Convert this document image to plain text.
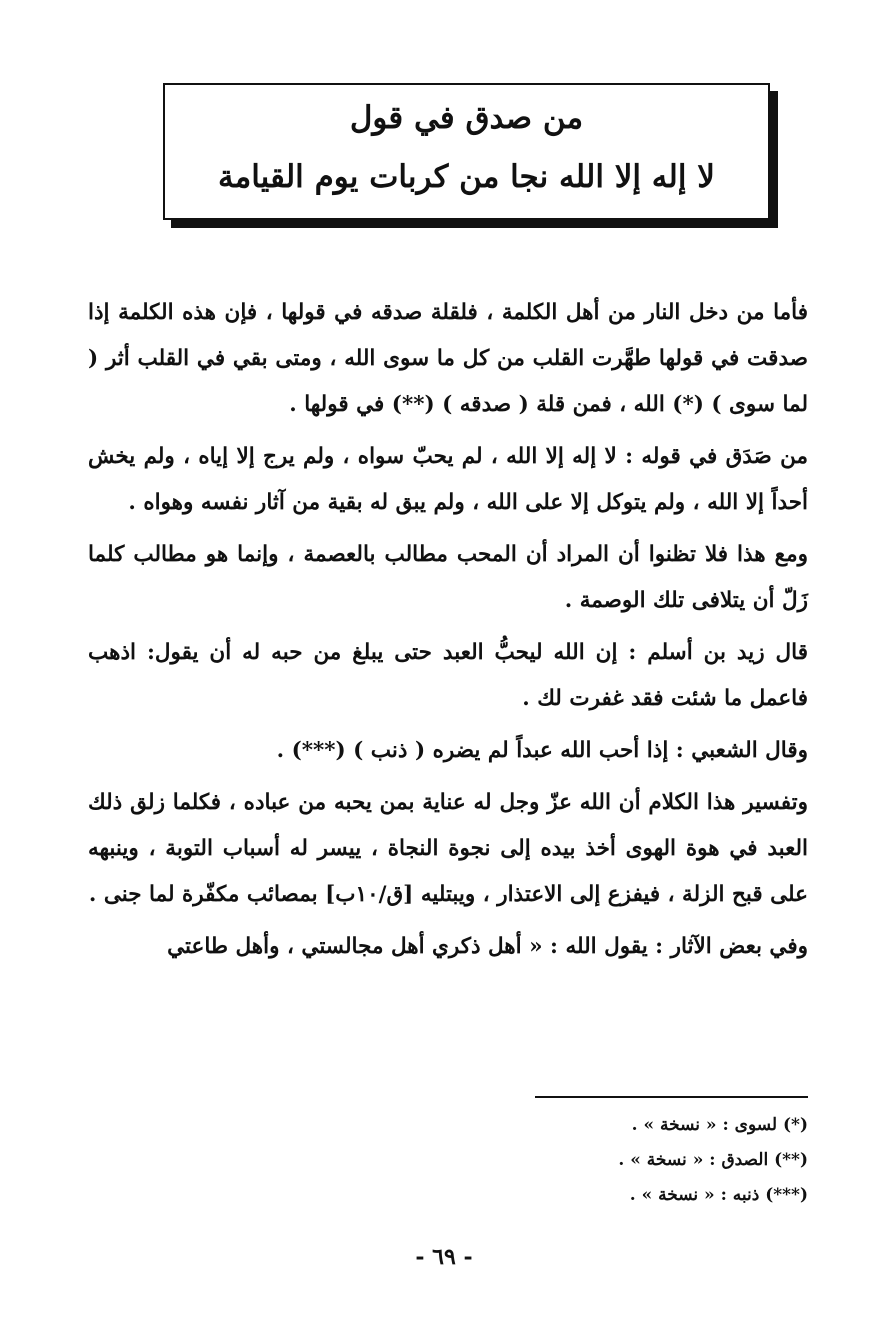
من صدق في قول
لا إله إلا الله نجا من كربات يوم القيامة

فأما من دخل النار من أهل الكلمة ، فلقلة صدقه في قولها ، فإن هذه الكلمة إذا صدقت في قولها طهَّرت القلب من كل ما سوى الله ، ومتى بقي في القلب أثر ( لما سوى ) (*) الله ، فمن قلة ( صدقه ) (**) في قولها .

من صَدَق في قوله : لا إله إلا الله ، لم يحبّ سواه ، ولم يرج إلا إياه ، ولم يخش أحداً إلا الله ، ولم يتوكل إلا على الله ، ولم يبق له بقية من آثار نفسه وهواه .

ومع هذا فلا تظنوا أن المراد أن المحب مطالب بالعصمة ، وإنما هو مطالب كلما زَلّ أن يتلافى تلك الوصمة .

قال زيد بن أسلم : إن الله ليحبُّ العبد حتى يبلغ من حبه له أن يقول: اذهب فاعمل ما شئت فقد غفرت لك .

وقال الشعبي : إذا أحب الله عبداً لم يضره ( ذنب ) (***) .

وتفسير هذا الكلام أن الله عزّ وجل له عناية بمن يحبه من عباده ، فكلما زلق ذلك العبد في هوة الهوى أخذ بيده إلى نجوة النجاة ، ييسر له أسباب التوبة ، وينبهه على قبح الزلة ، فيفزع إلى الاعتذار ، ويبتليه [ق/١٠ب] بمصائب مكفّرة لما جنى .

وفي بعض الآثار : يقول الله : « أهل ذكري أهل مجالستي ، وأهل طاعتي

(*) لسوى : « نسخة » .
(**) الصدق : « نسخة » .
(***) ذنبه : « نسخة » .
- ٦٩ -
